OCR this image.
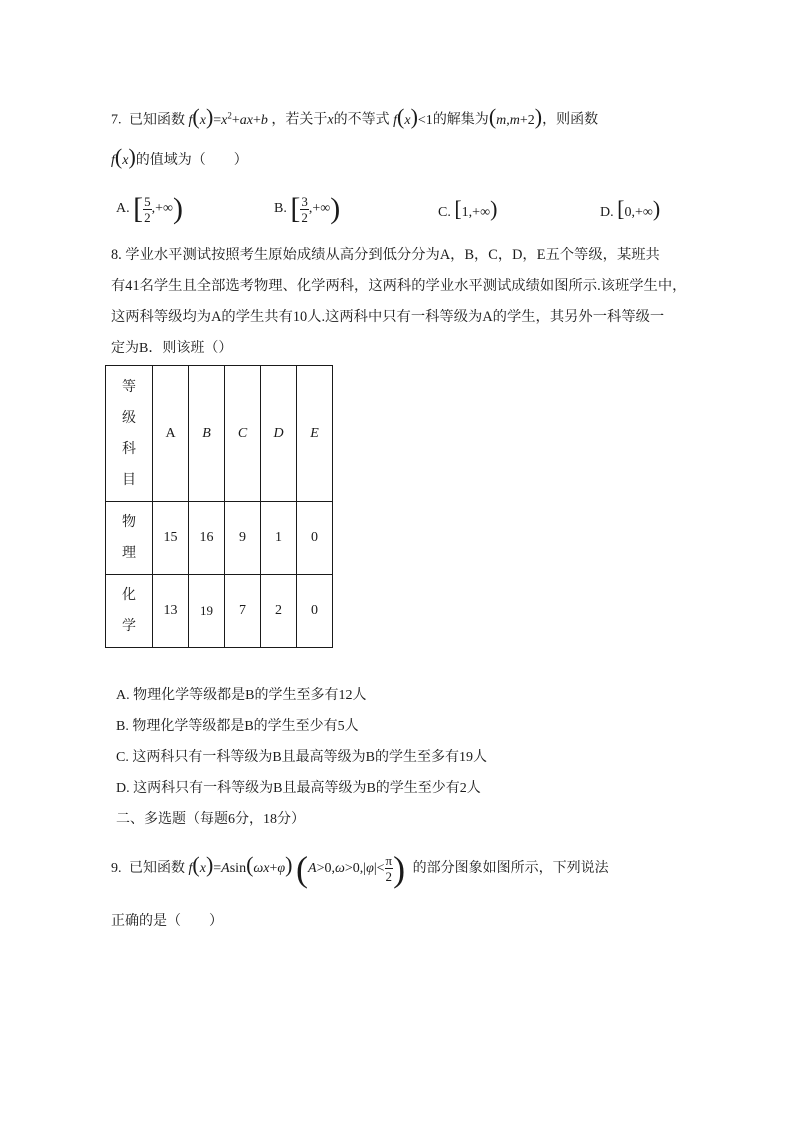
7. 已知函数 $f(x)=x^2+ax+b$ ，若关于x的不等式 f(x)<1的解集为(m,m+2)，则函数
f(x)的值域为（　　）
A. [ $\frac{5}{2}$ ,+∞)	B. [ $\frac{3}{2}$ ,+∞)	C. [1,+∞)	D. [0,+∞)
8. 学业水平测试按照考生原始成绩从高分到低分分为A，B，C，D，E五个等级，某班共
有41名学生且全部选考物理、化学两科，这两科的学业水平测试成绩如图所示.该班学生中，
这两科等级均为A的学生共有10人.这两科中只有一科等级为A的学生，其另外一科等级一
定为B．则该班（）
等
级
科
目	A	B	C	D	E

物
理	15	16	9	1	0

化
学	13	19	7	2	0
A. 物理化学等级都是B的学生至多有12人
B. 物理化学等级都是B的学生至少有5人
C. 这两科只有一科等级为B且最高等级为B的学生至多有19人
D. 这两科只有一科等级为B且最高等级为B的学生至少有2人
二、多选题（每题6分，18分）
9. 已知函数 f(x)=Asin(ωx+φ) ($A>0,\omega>0,|\varphi|< \frac{\pi}{2}$ ) 的部分图象如图所示，下列说法
正确的是（　　）
